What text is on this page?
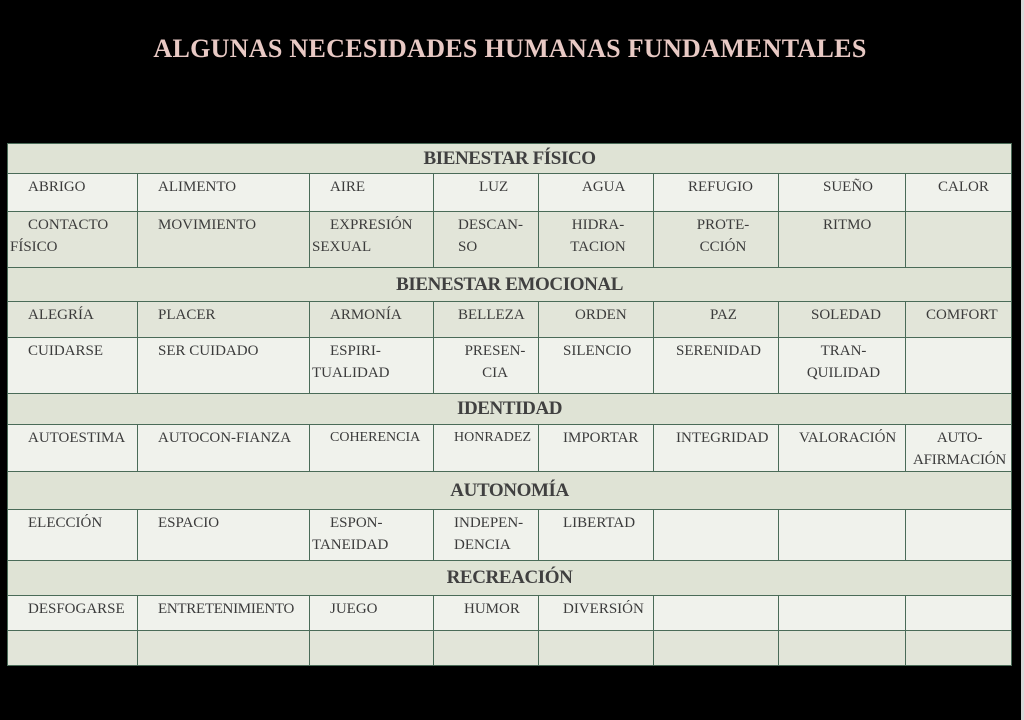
ALGUNAS NECESIDADES HUMANAS FUNDAMENTALES
BIENESTAR FÍSICO							

ABRIGO	ALIMENTO	AIRE	LUZ	AGUA	REFUGIO	SUEÑO	CALOR

CONTACTO FÍSICO	MOVIMIENTO	EXPRESIÓN SEXUAL	DESCAN-SO	HIDRA-TACION	PROTE-CCIÓN	RITMO	

BIENESTAR EMOCIONAL							

ALEGRÍA	PLACER	ARMONÍA	BELLEZA	ORDEN	PAZ	SOLEDAD	COMFORT

CUIDARSE	SER CUIDADO	ESPIRI-TUALIDAD	PRESEN-CIA	SILENCIO	SERENIDAD	TRAN-QUILIDAD	

IDENTIDAD							

AUTOESTIMA	AUTOCON-FIANZA	COHERENCIA	HONRADEZ	IMPORTAR	INTEGRIDAD	VALORACIÓN	AUTO-AFIRMACIÓN

AUTONOMÍA							

ELECCIÓN	ESPACIO	ESPON-TANEIDAD	INDEPEN-DENCIA	LIBERTAD			

RECREACIÓN							

DESFOGARSE	ENTRETENIMIENTO	JUEGO	HUMOR	DIVERSIÓN			
